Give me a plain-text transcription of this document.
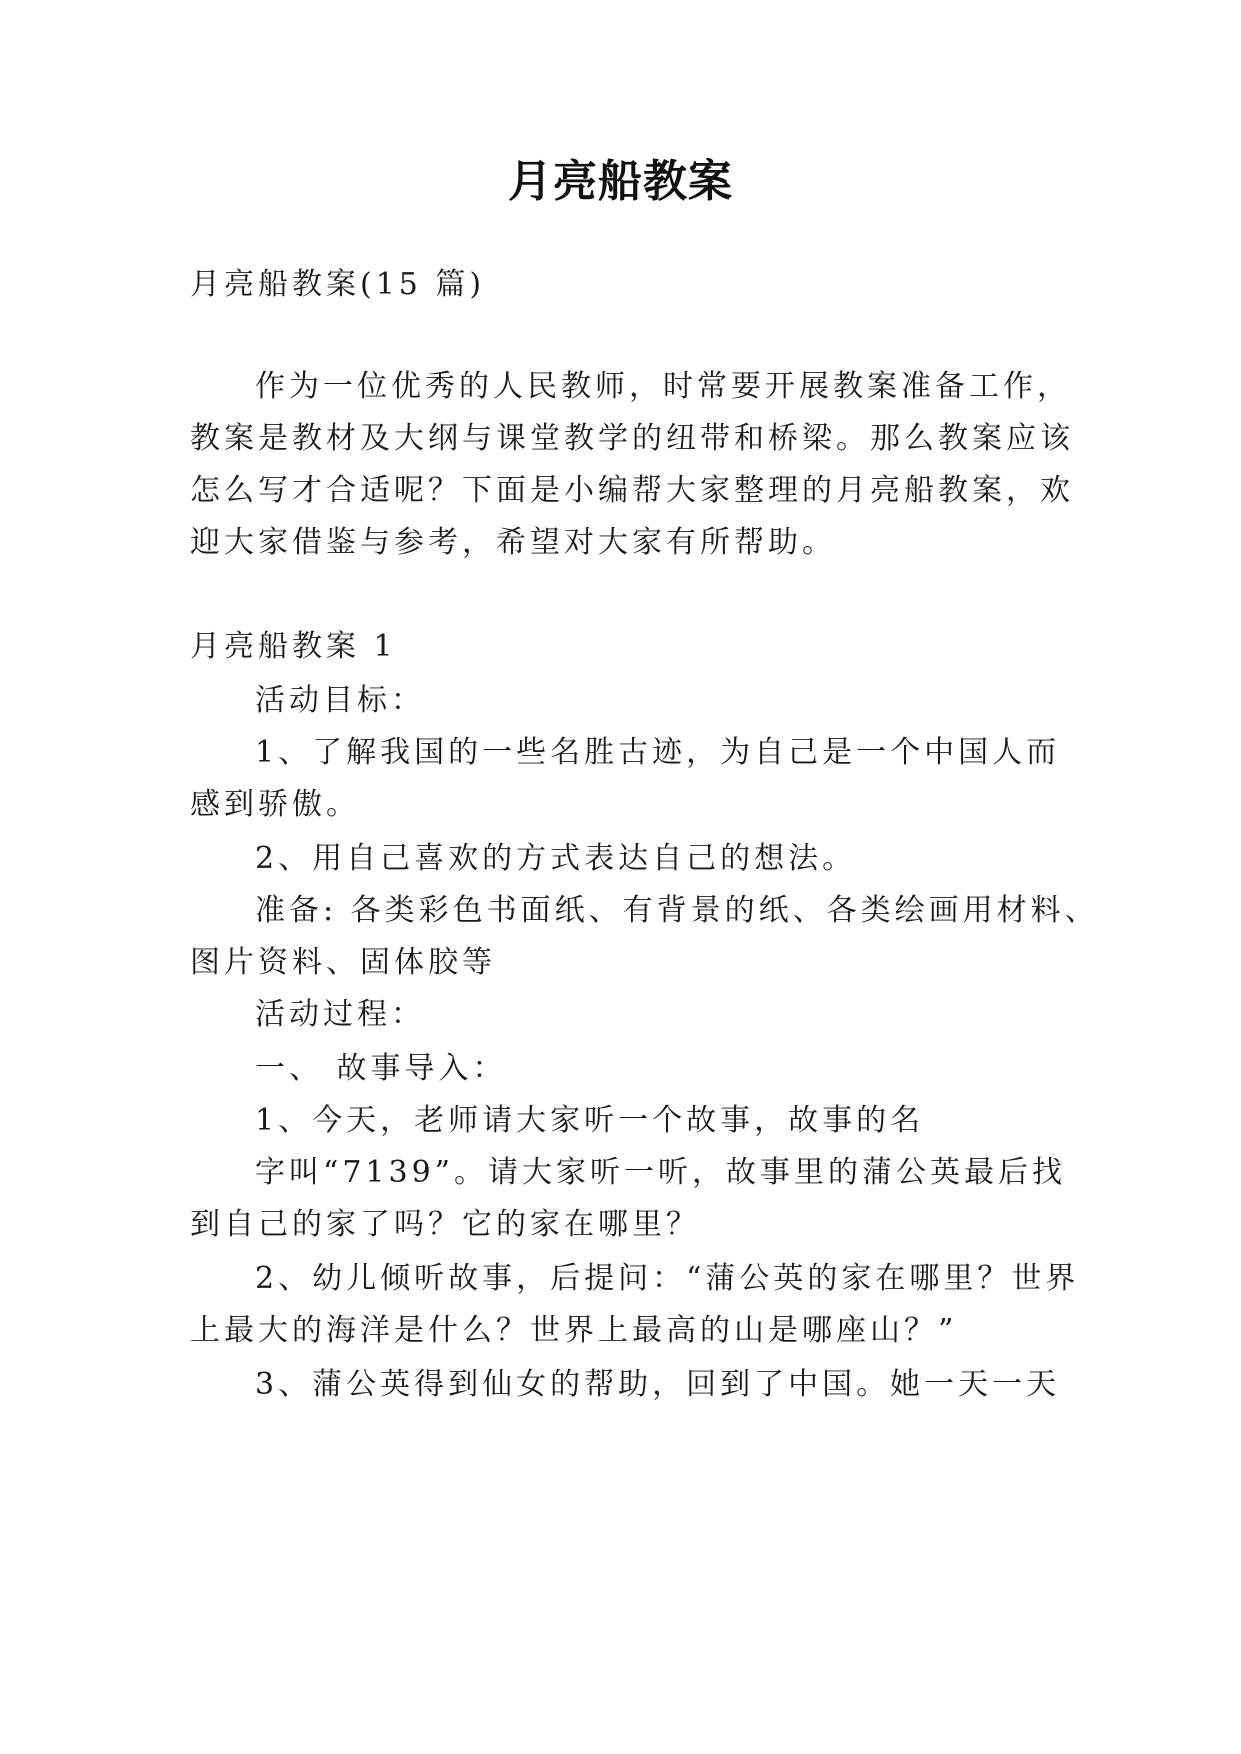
月亮船教案
月亮船教案(15 篇)
作为一位优秀的人民教师，时常要开展教案准备工作，
教案是教材及大纲与课堂教学的纽带和桥梁。那么教案应该
怎么写才合适呢？下面是小编帮大家整理的月亮船教案，欢
迎大家借鉴与参考，希望对大家有所帮助。
月亮船教案 1
活动目标：
1、了解我国的一些名胜古迹，为自己是一个中国人而
感到骄傲。
2、用自己喜欢的方式表达自己的想法。
准备: 各类彩色书面纸、有背景的纸、各类绘画用材料、
图片资料、固体胶等
活动过程：
一、 故事导入：
1、今天，老师请大家听一个故事，故事的名
字叫“7139”。请大家听一听，故事里的蒲公英最后找
到自己的家了吗？它的家在哪里？
2、幼儿倾听故事，后提问：“蒲公英的家在哪里？世界
上最大的海洋是什么？世界上最高的山是哪座山？”
3、蒲公英得到仙女的帮助，回到了中国。她一天一天
